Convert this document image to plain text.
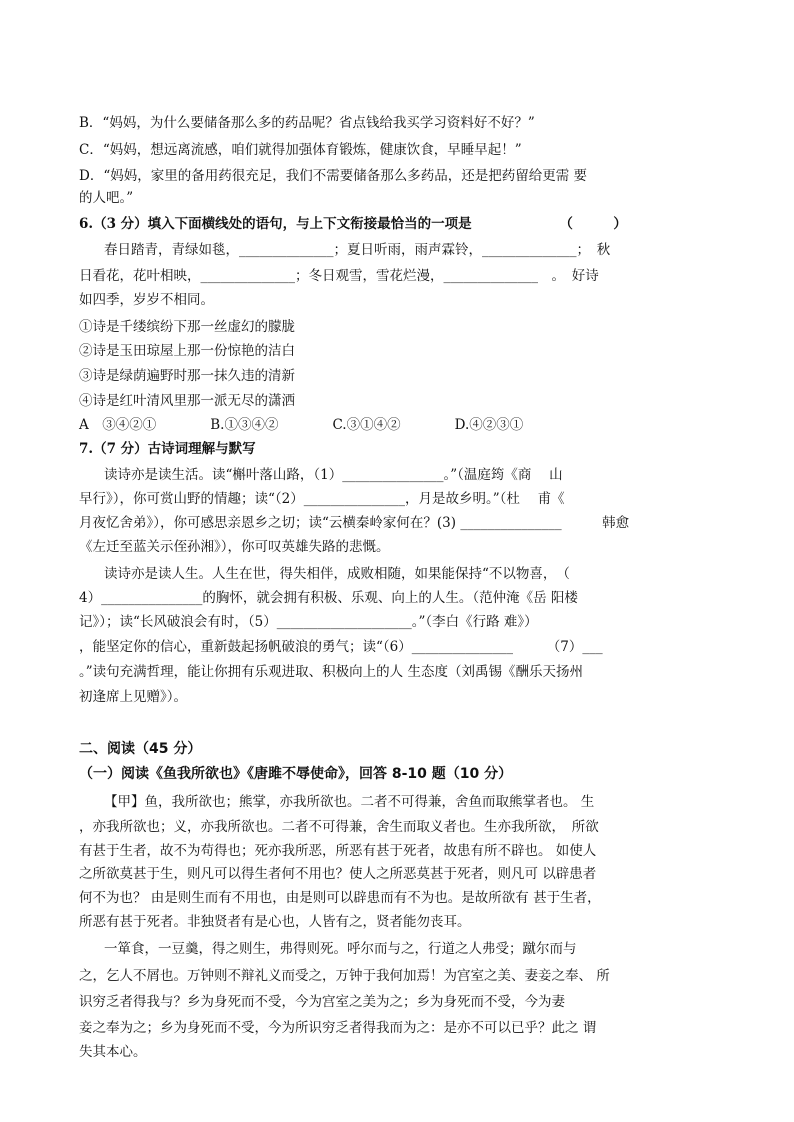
B．“妈妈，为什么要储备那么多的药品呢？省点钱给我买学习资料好不好？”
C．“妈妈，想远离流感，咱们就得加强体育锻炼，健康饮食，早睡早起！”
D．“妈妈，家里的备用药很充足，我们不需要储备那么多药品，还是把药留给更需 要
的人吧。”
6.（3 分）填入下面横线处的语句，与上下文衔接最恰当的一项是　　　　　　　（　　　）
春日踏青，青绿如毯，______________；夏日听雨，雨声霖铃，______________；　秋
日看花，花叶相映，______________；冬日观雪，雪花烂漫，______________　。　好诗
如四季，岁岁不相同。
①诗是千缕缤纷下那一丝虚幻的朦胧
②诗是玉田琼屋上那一份惊艳的洁白
③诗是绿荫遍野时那一抹久违的清新
④诗是红叶清风里那一派无尽的潇洒
A　③④②①　　　　B.①③④②　　　　C.③①④②　　　　D.④②③①
7.（7 分）古诗词理解与默写
读诗亦是读生活。读“槲叶落山路，（1）_______________。”（温庭筠《商　 山
早行》），你可赏山野的情趣；读“（2）_______________，月是故乡明。”（杜　 甫《
月夜忆舍弟》），你可感思亲恩乡之切；读“云横秦岭家何在？(3) _______________　　　韩愈
《左迁至蓝关示侄孙湘》），你可叹英雄失路的悲慨。
读诗亦是读人生。人生在世，得失相伴，成败相随，如果能保持“不以物喜，　（
4）_______________的胸怀，就会拥有积极、乐观、向上的人生。（范仲淹《岳 阳楼
记》）；读“长风破浪会有时，（5）____________________。”（李白《行路 难》）
，能坚定你的信心，重新鼓起扬帆破浪的勇气；读“（6）_______________　　　（7）___
。”读句充满哲理，能让你拥有乐观进取、积极向上的人 生态度（刘禹锡《酬乐天扬州
初逢席上见赠》）。
二、阅读（45 分）
（一）阅读《鱼我所欲也》《唐雎不辱使命》，回答 8-10 题（10 分）
【甲】鱼，我所欲也；熊掌，亦我所欲也。二者不可得兼，舍鱼而取熊掌者也。 生
，亦我所欲也；义，亦我所欲也。二者不可得兼，舍生而取义者也。生亦我所欲，　所欲
有甚于生者，故不为苟得也；死亦我所恶，所恶有甚于死者，故患有所不辟也。 如使人
之所欲莫甚于生，则凡可以得生者何不用也？使人之所恶莫甚于死者，则凡可 以辟患者
何不为也？ 由是则生而有不用也，由是则可以辟患而有不为也。是故所欲有 甚于生者，
所恶有甚于死者。非独贤者有是心也，人皆有之，贤者能勿丧耳。
一箪食，一豆羹，得之则生，弗得则死。呼尔而与之，行道之人弗受；蹴尔而与
之，乞人不屑也。万钟则不辩礼义而受之，万钟于我何加焉！为宫室之美、妻妾之奉、 所
识穷乏者得我与？乡为身死而不受，今为宫室之美为之；乡为身死而不受，今为妻
妾之奉为之；乡为身死而不受，今为所识穷乏者得我而为之：是亦不可以已乎？此之 谓
失其本心。
